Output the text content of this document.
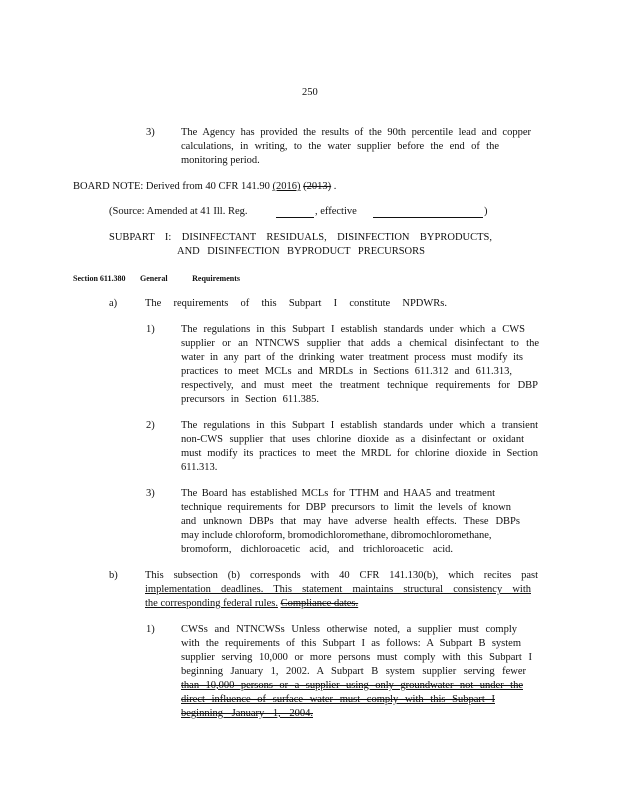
250
3)	The Agency has provided the results of the 90th percentile lead and copper
calculations, in writing, to the water supplier before the end of the
monitoring period.
BOARD NOTE: Derived from 40 CFR 141.90 (2016) (2013) .
(Source: Amended at 41 Ill. Reg.	, effective	)
SUBPART I: DISINFECTANT RESIDUALS, DISINFECTION BYPRODUCTS,
AND DISINFECTION BYPRODUCT PRECURSORS
Section 611.380 General Requirements
a)	The requirements of this Subpart I constitute NPDWRs.
1)	The regulations in this Subpart I establish standards under which a CWS
supplier or an NTNCWS supplier that adds a chemical disinfectant to the
water in any part of the drinking water treatment process must modify its
practices to meet MCLs and MRDLs in Sections 611.312 and 611.313,
respectively, and must meet the treatment technique requirements for DBP
precursors in Section 611.385.
2)	The regulations in this Subpart I establish standards under which a transient
non-CWS supplier that uses chlorine dioxide as a disinfectant or oxidant
must modify its practices to meet the MRDL for chlorine dioxide in Section
611.313.
3)	The Board has established MCLs for TTHM and HAA5 and treatment
technique requirements for DBP precursors to limit the levels of known
and unknown DBPs that may have adverse health effects. These DBPs
may include chloroform, bromodichloromethane, dibromochloromethane,
bromoform, dichloroacetic acid, and trichloroacetic acid.
b)	This subsection (b) corresponds with 40 CFR 141.130(b), which recites past
implementation deadlines. This statement maintains structural consistency with
the corresponding federal rules. Compliance dates.
1)	CWSs and NTNCWSs Unless otherwise noted, a supplier must comply
with the requirements of this Subpart I as follows: A Subpart B system
supplier serving 10,000 or more persons must comply with this Subpart I
beginning January 1, 2002. A Subpart B system supplier serving fewer
than 10,000 persons or a supplier using only groundwater not under the
direct influence of surface water must comply with this Subpart I
beginning January 1, 2004.
